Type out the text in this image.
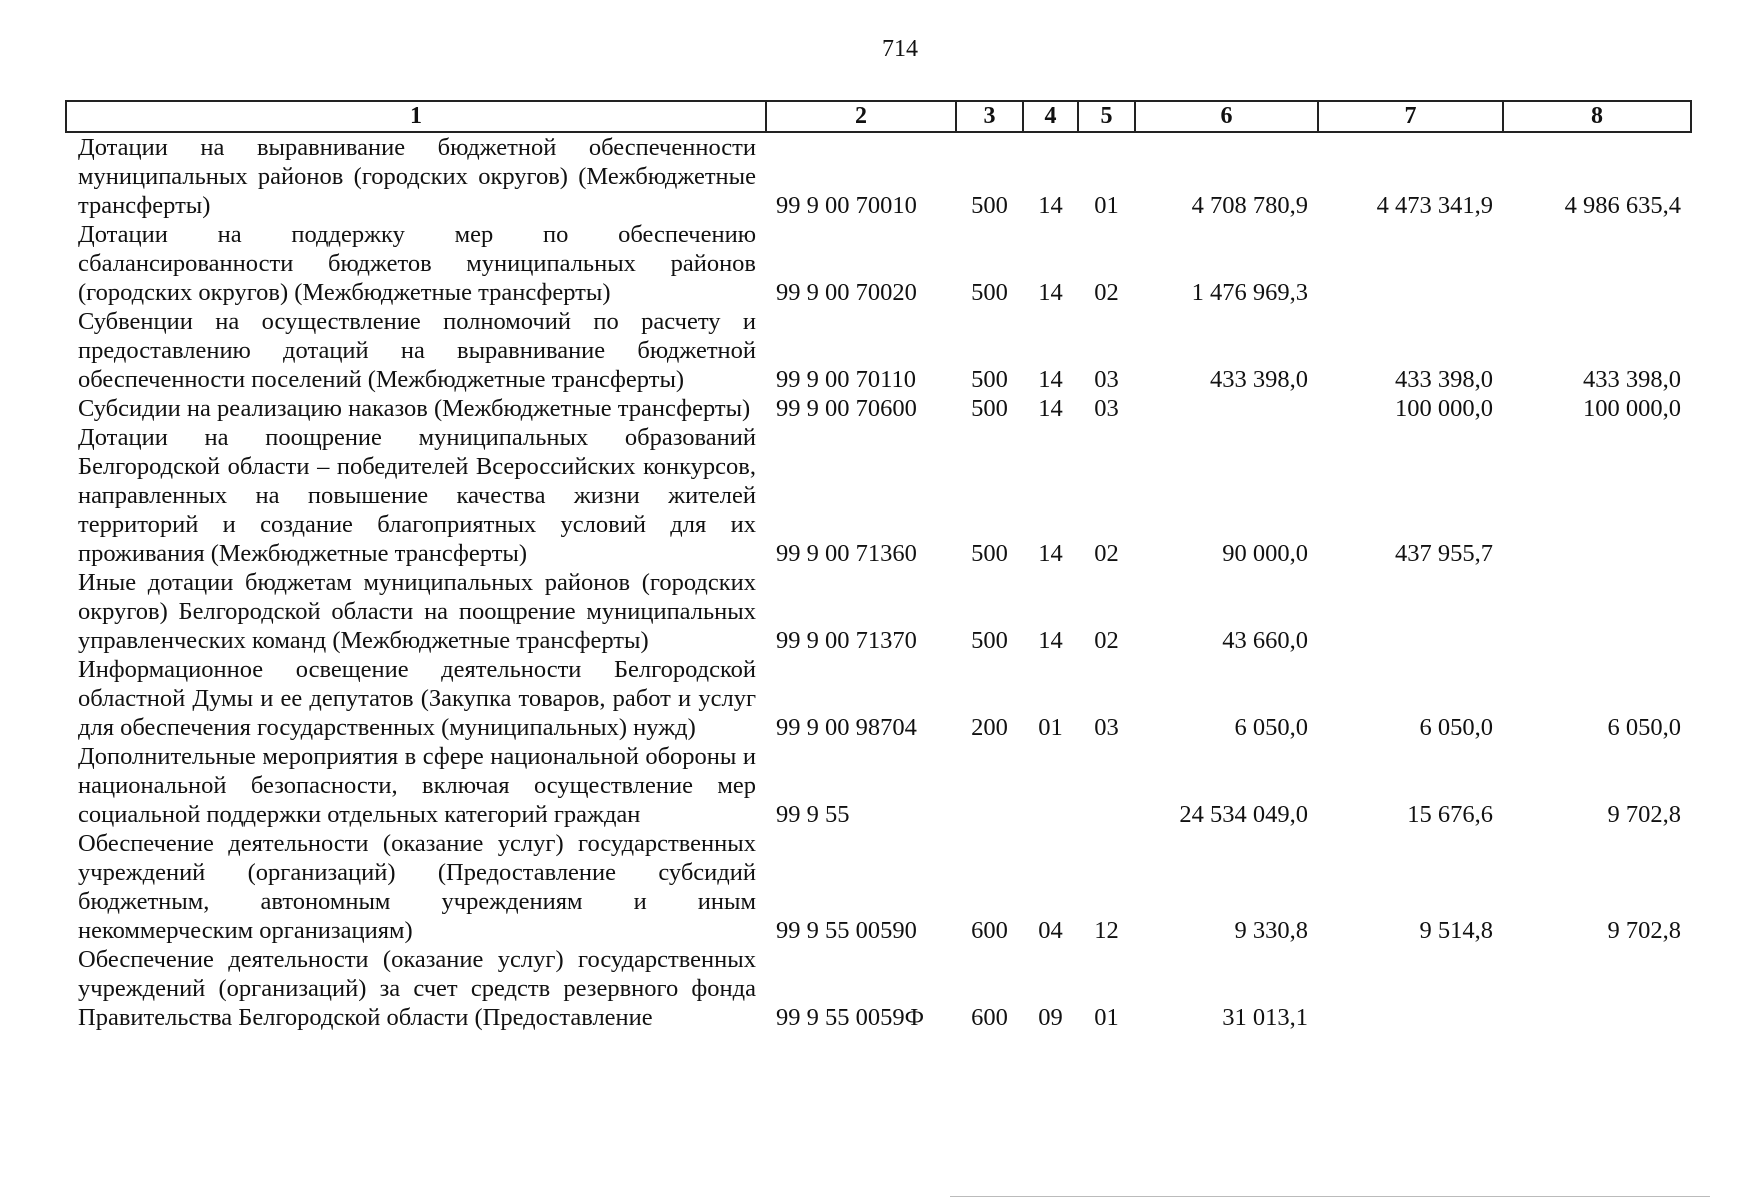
714
1	2	3	4	5	6	7	8
Дотации на выравнивание бюджетной обеспеченности муниципальных районов (городских округов) (Межбюджетные трансферты)	99 9 00 70010	500	14	01	4 708 780,9	4 473 341,9	4 986 635,4
Дотации на поддержку мер по обеспечению сбалансированности бюджетов муниципальных районов (городских округов) (Межбюджетные трансферты)	99 9 00 70020	500	14	02	1 476 969,3		
Субвенции на осуществление полномочий по расчету и предоставлению дотаций на выравнивание бюджетной обеспеченности поселений (Межбюджетные трансферты)	99 9 00 70110	500	14	03	433 398,0	433 398,0	433 398,0
Субсидии на реализацию наказов (Межбюджетные трансферты)	99 9 00 70600	500	14	03		100 000,0	100 000,0
Дотации на поощрение муниципальных образований Белгородской области – победителей Всероссийских конкурсов, направленных на повышение качества жизни жителей территорий и создание благоприятных условий для их проживания (Межбюджетные трансферты)	99 9 00 71360	500	14	02	90 000,0	437 955,7	
Иные дотации бюджетам муниципальных районов (городских округов) Белгородской области на поощрение муниципальных управленческих команд (Межбюджетные трансферты)	99 9 00 71370	500	14	02	43 660,0		
Информационное освещение деятельности Белгородской областной Думы и ее депутатов (Закупка товаров, работ и услуг для обеспечения государственных (муниципальных) нужд)	99 9 00 98704	200	01	03	6 050,0	6 050,0	6 050,0
Дополнительные мероприятия в сфере национальной обороны и национальной безопасности, включая осуществление мер социальной поддержки отдельных категорий граждан	99 9 55				24 534 049,0	15 676,6	9 702,8
Обеспечение деятельности (оказание услуг) государственных учреждений (организаций) (Предоставление субсидий бюджетным, автономным учреждениям и иным некоммерческим организациям)	99 9 55 00590	600	04	12	9 330,8	9 514,8	9 702,8
Обеспечение деятельности (оказание услуг) государственных учреждений (организаций) за счет средств резервного фонда Правительства Белгородской области (Предоставление	99 9 55 0059Ф	600	09	01	31 013,1		
